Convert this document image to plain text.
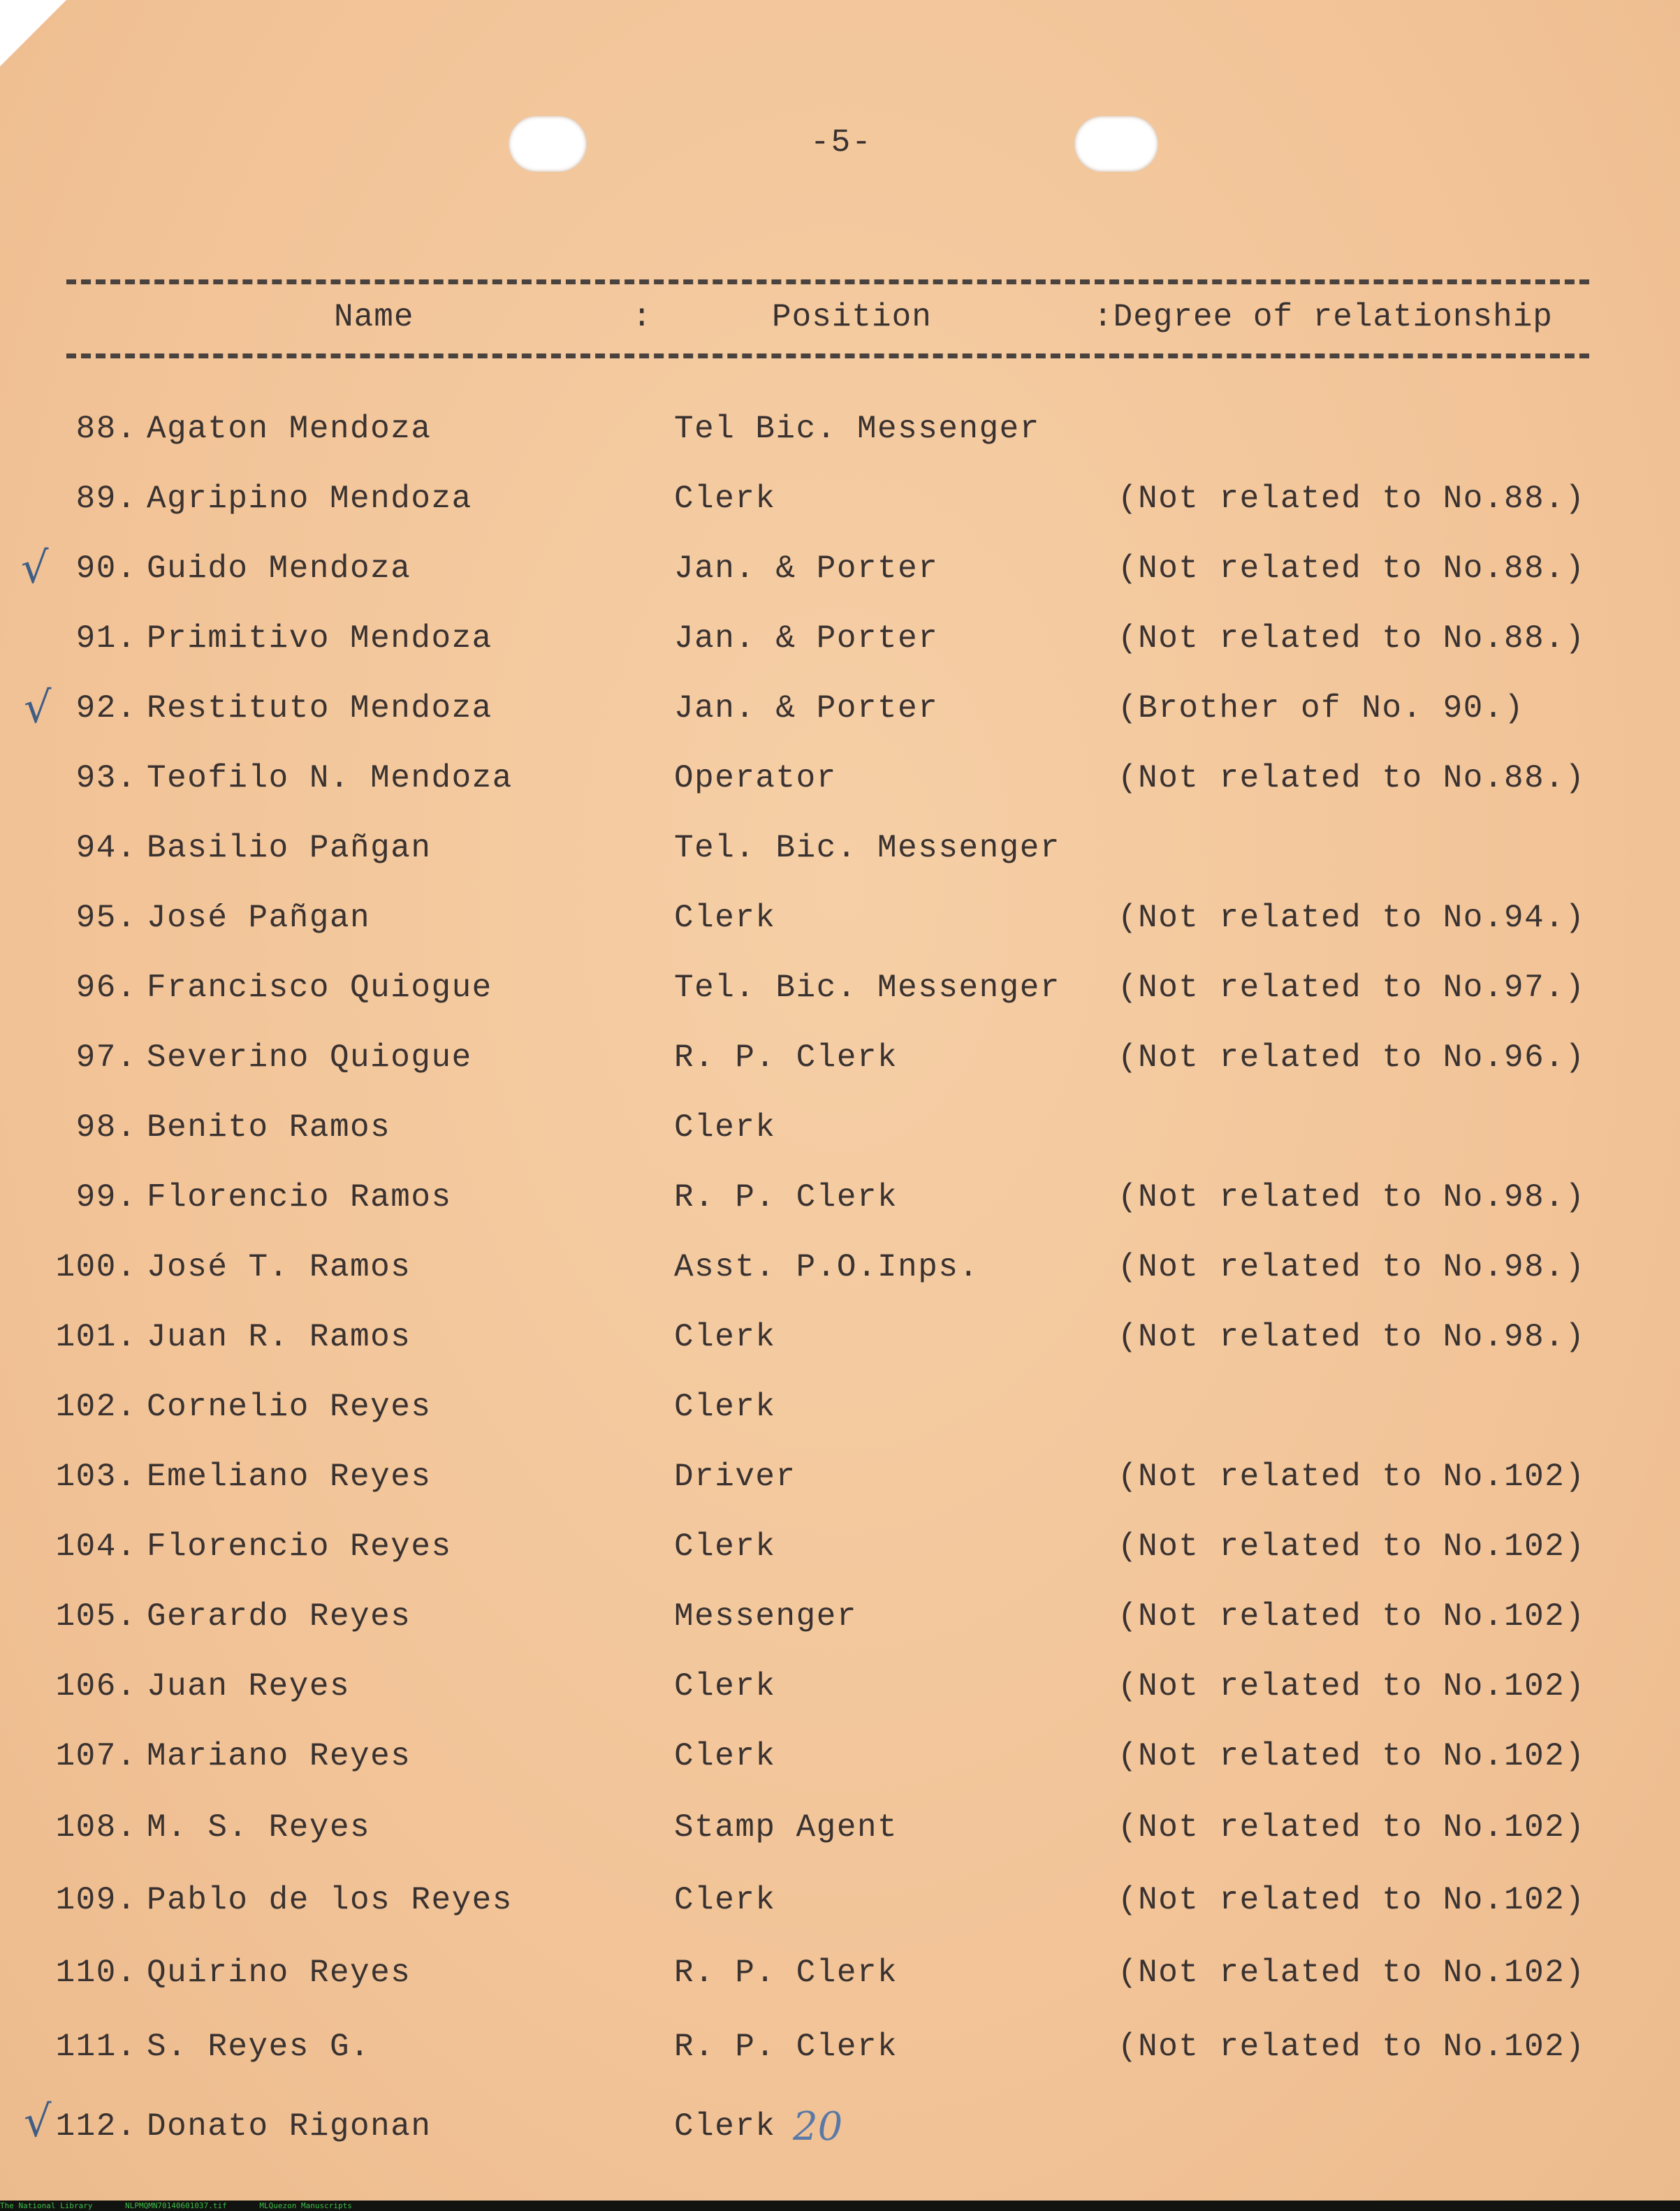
-5-
Name	:	Position	:Degree of relationship
88. Agaton Mendoza	Tel Bic. Messenger
89. Agripino Mendoza	Clerk	(Not related to No.88.)
90. Guido Mendoza	Jan. & Porter	(Not related to No.88.)
91. Primitivo Mendoza	Jan. & Porter	(Not related to No.88.)
92. Restituto Mendoza	Jan. & Porter	(Brother of No. 90.)
93. Teofilo N. Mendoza	Operator	(Not related to No.88.)
94. Basilio Pañgan	Tel. Bic. Messenger
95. José Pañgan	Clerk	(Not related to No.94.)
96. Francisco Quiogue	Tel. Bic. Messenger (Not related to No.97.)
97. Severino Quiogue	R. P. Clerk	(Not related to No.96.)
98. Benito Ramos	Clerk
99. Florencio Ramos	R. P. Clerk	(Not related to No.98.)
100. José T. Ramos	Asst. P.O.Inps.	(Not related to No.98.)
101. Juan R. Ramos	Clerk	(Not related to No.98.)
102. Cornelio Reyes	Clerk
103. Emeliano Reyes	Driver	(Not related to No.102)
104. Florencio Reyes	Clerk	(Not related to No.102)
105. Gerardo Reyes	Messenger	(Not related to No.102)
106. Juan Reyes	Clerk	(Not related to No.102)
107. Mariano Reyes	Clerk	(Not related to No.102)
108. M. S. Reyes	Stamp Agent	(Not related to No.102)
109. Pablo de los Reyes	Clerk	(Not related to No.102)
110. Quirino Reyes	R. P. Clerk	(Not related to No.102)
111. S. Reyes G.	R. P. Clerk	(Not related to No.102)
112. Donato Rigonan	Clerk
√
√
√	20
The National Library	NLPMQMN70140601037.tif	MLQuezon Manuscripts
